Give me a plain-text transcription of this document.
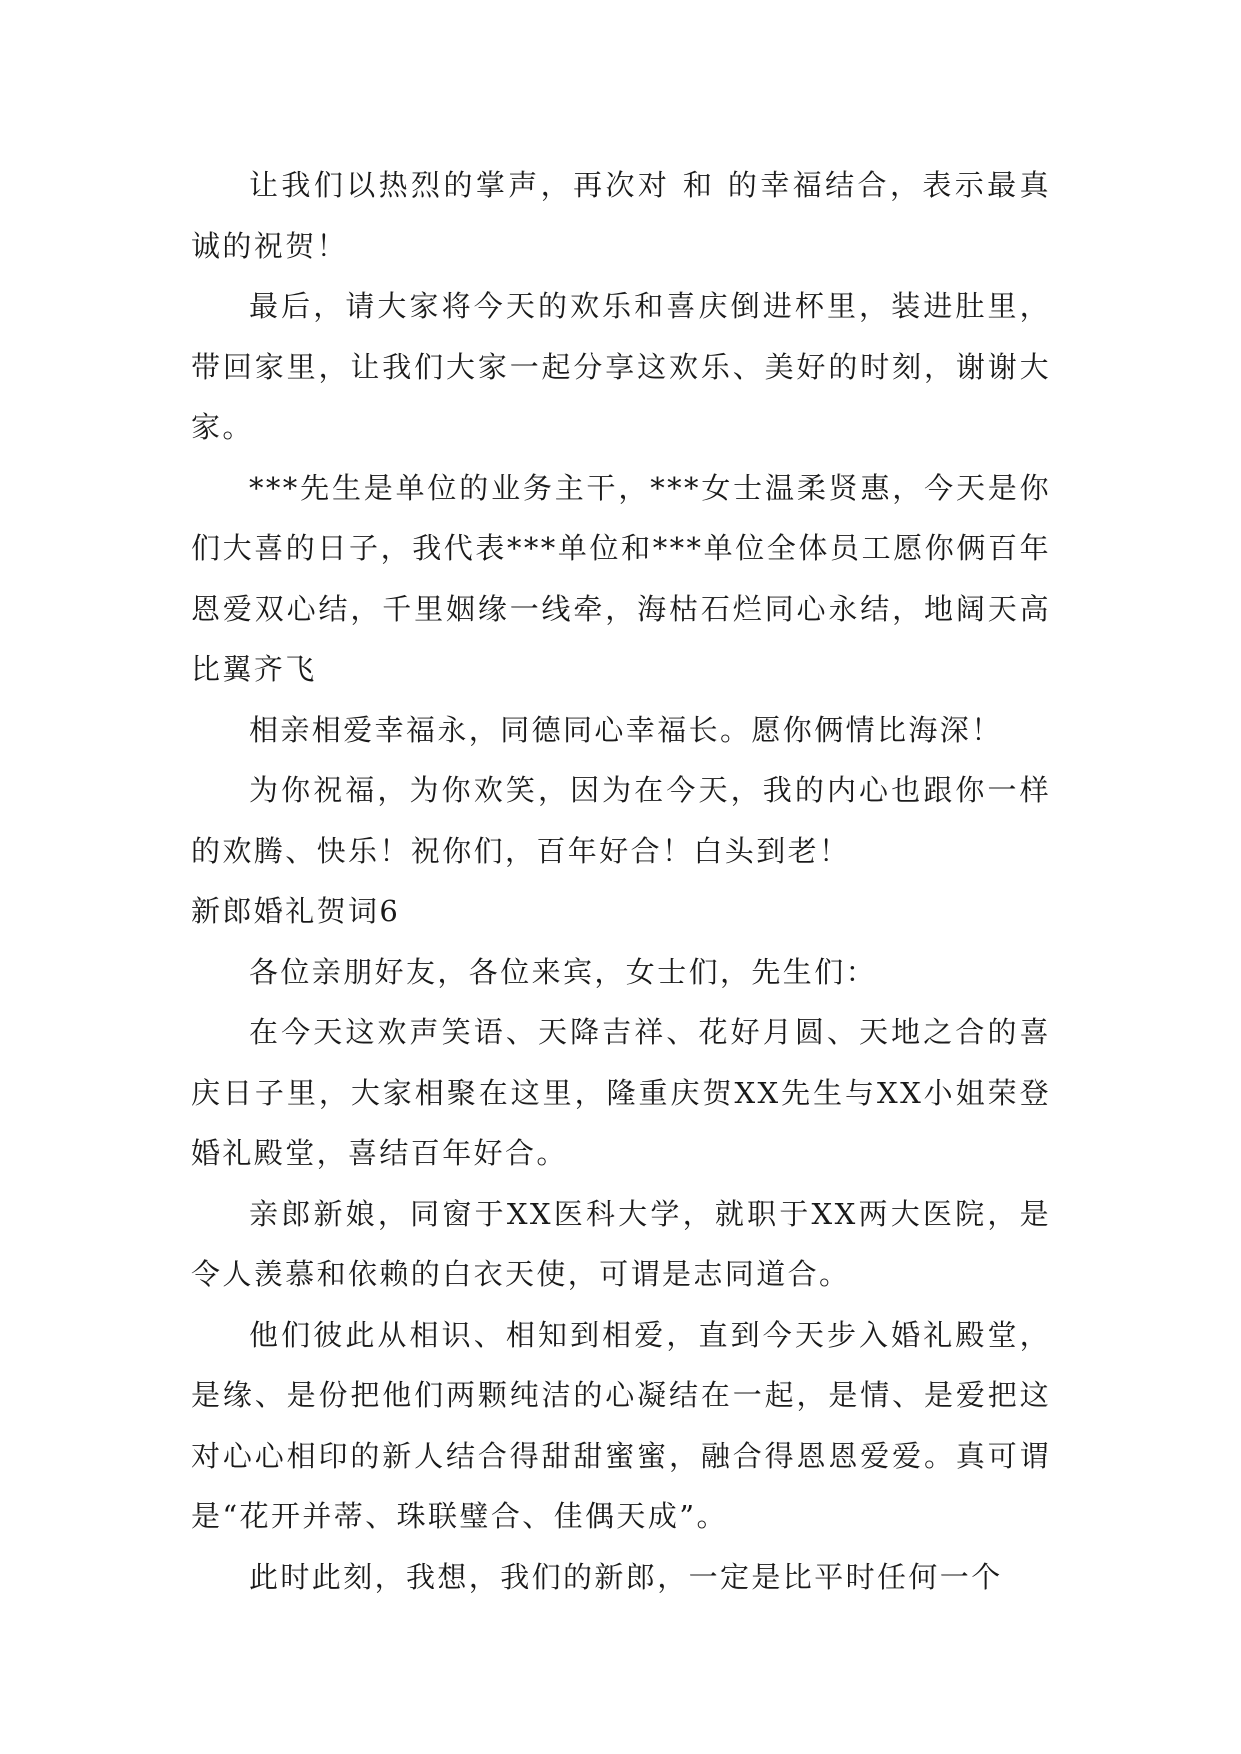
让我们以热烈的掌声，再次对 和 的幸福结合，表示最真诚的祝贺！

最后，请大家将今天的欢乐和喜庆倒进杯里，装进肚里，带回家里，让我们大家一起分享这欢乐、美好的时刻，谢谢大家。

***先生是单位的业务主干，***女士温柔贤惠，今天是你们大喜的日子，我代表***单位和***单位全体员工愿你俩百年恩爱双心结，千里姻缘一线牵，海枯石烂同心永结，地阔天高比翼齐飞

相亲相爱幸福永，同德同心幸福长。愿你俩情比海深！

为你祝福，为你欢笑，因为在今天，我的内心也跟你一样的欢腾、快乐！祝你们，百年好合！白头到老！

新郎婚礼贺词6

各位亲朋好友，各位来宾，女士们，先生们：

在今天这欢声笑语、天降吉祥、花好月圆、天地之合的喜庆日子里，大家相聚在这里，隆重庆贺XX先生与XX小姐荣登婚礼殿堂，喜结百年好合。

亲郎新娘，同窗于XX医科大学，就职于XX两大医院，是令人羡慕和依赖的白衣天使，可谓是志同道合。

他们彼此从相识、相知到相爱，直到今天步入婚礼殿堂，是缘、是份把他们两颗纯洁的心凝结在一起，是情、是爱把这对心心相印的新人结合得甜甜蜜蜜，融合得恩恩爱爱。真可谓是“花开并蒂、珠联璧合、佳偶天成”。

此时此刻，我想，我们的新郎，一定是比平时任何一个
